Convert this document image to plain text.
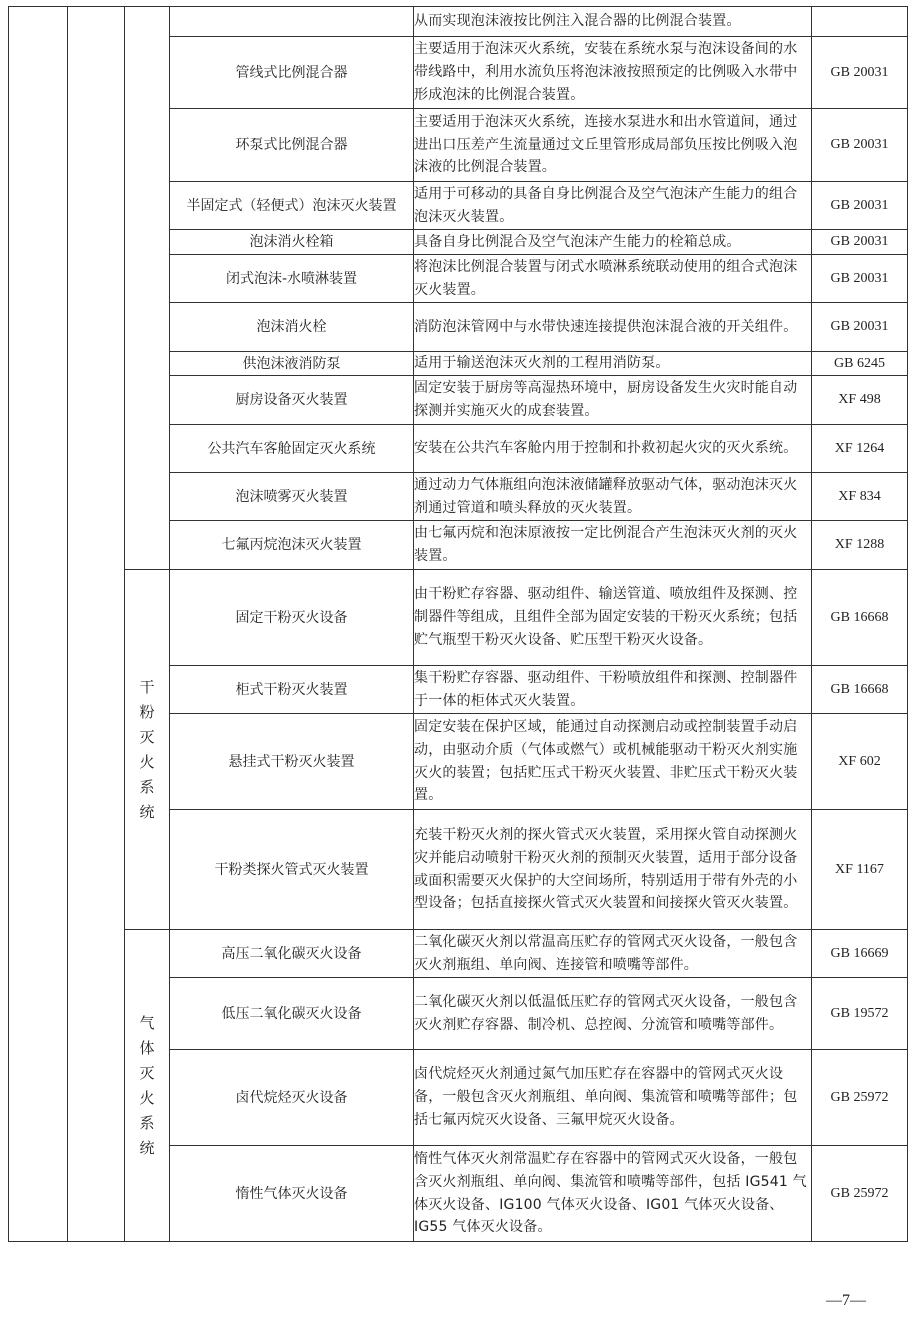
				从而实现泡沫液按比例注入混合器的比例混合装置。	
			管线式比例混合器	主要适用于泡沫灭火系统，安装在系统水泵与泡沫设备间的水带线路中，利用水流负压将泡沫液按照预定的比例吸入水带中形成泡沫的比例混合装置。	GB 20031
			环泵式比例混合器	主要适用于泡沫灭火系统，连接水泵进水和出水管道间，通过进出口压差产生流量通过文丘里管形成局部负压按比例吸入泡沫液的比例混合装置。	GB 20031
			半固定式（轻便式）泡沫灭火装置	适用于可移动的具备自身比例混合及空气泡沫产生能力的组合泡沫灭火装置。	GB 20031
			泡沫消火栓箱	具备自身比例混合及空气泡沫产生能力的栓箱总成。	GB 20031
			闭式泡沫-水喷淋装置	将泡沫比例混合装置与闭式水喷淋系统联动使用的组合式泡沫灭火装置。	GB 20031
			泡沫消火栓	消防泡沫管网中与水带快速连接提供泡沫混合液的开关组件。	GB 20031
			供泡沫液消防泵	适用于输送泡沫灭火剂的工程用消防泵。	GB 6245
			厨房设备灭火装置	固定安装于厨房等高湿热环境中，厨房设备发生火灾时能自动探测并实施灭火的成套装置。	XF 498
			公共汽车客舱固定灭火系统	安装在公共汽车客舱内用于控制和扑救初起火灾的灭火系统。	XF 1264
			泡沫喷雾灭火装置	通过动力气体瓶组向泡沫液储罐释放驱动气体，驱动泡沫灭火剂通过管道和喷头释放的灭火装置。	XF 834
			七氟丙烷泡沫灭火装置	由七氟丙烷和泡沫原液按一定比例混合产生泡沫灭火剂的灭火装置。	XF 1288
		干粉灭火系统	固定干粉灭火设备	由干粉贮存容器、驱动组件、输送管道、喷放组件及探测、控制器件等组成，且组件全部为固定安装的干粉灭火系统；包括贮气瓶型干粉灭火设备、贮压型干粉灭火设备。	GB 16668
			柜式干粉灭火装置	集干粉贮存容器、驱动组件、干粉喷放组件和探测、控制器件于一体的柜体式灭火装置。	GB 16668
			悬挂式干粉灭火装置	固定安装在保护区域，能通过自动探测启动或控制装置手动启动，由驱动介质（气体或燃气）或机械能驱动干粉灭火剂实施灭火的装置；包括贮压式干粉灭火装置、非贮压式干粉灭火装置。	XF 602
			干粉类探火管式灭火装置	充装干粉灭火剂的探火管式灭火装置，采用探火管自动探测火灾并能启动喷射干粉灭火剂的预制灭火装置，适用于部分设备或面积需要灭火保护的大空间场所，特别适用于带有外壳的小型设备；包括直接探火管式灭火装置和间接探火管灭火装置。	XF 1167
		气体灭火系统	高压二氧化碳灭火设备	二氧化碳灭火剂以常温高压贮存的管网式灭火设备，一般包含灭火剂瓶组、单向阀、连接管和喷嘴等部件。	GB 16669
			低压二氧化碳灭火设备	二氧化碳灭火剂以低温低压贮存的管网式灭火设备，一般包含灭火剂贮存容器、制冷机、总控阀、分流管和喷嘴等部件。	GB 19572
			卤代烷烃灭火设备	卤代烷烃灭火剂通过氮气加压贮存在容器中的管网式灭火设备，一般包含灭火剂瓶组、单向阀、集流管和喷嘴等部件；包括七氟丙烷灭火设备、三氟甲烷灭火设备。	GB 25972
			惰性气体灭火设备	惰性气体灭火剂常温贮存在容器中的管网式灭火设备，一般包含灭火剂瓶组、单向阀、集流管和喷嘴等部件，包括 IG541 气体灭火设备、IG100 气体灭火设备、IG01 气体灭火设备、IG55 气体灭火设备。	GB 25972
—7—
